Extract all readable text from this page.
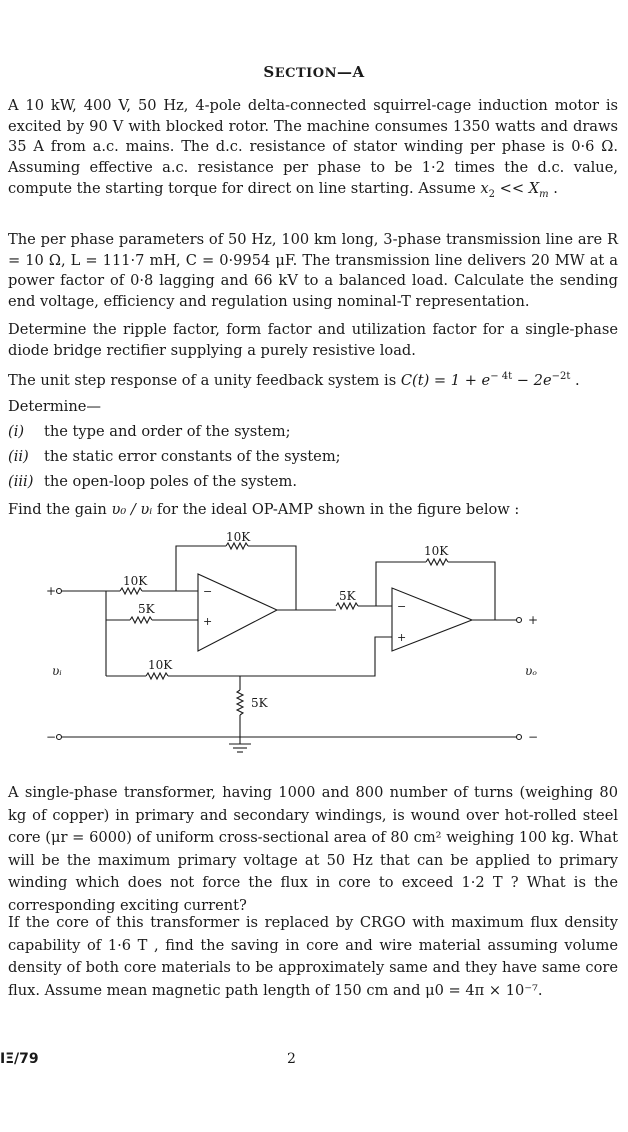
SECTION—A

A 10 kW, 400 V, 50 Hz, 4-pole delta-connected squirrel-cage induction motor is excited by 90 V with blocked rotor. The machine consumes 1350 watts and draws 35 A from a.c. mains. The d.c. resistance of stator winding per phase is 0·6 Ω. Assuming effective a.c. resistance per phase to be 1·2 times the d.c. value, compute the starting torque for direct on line starting. Assume $x_2 << X_m$ .

The per phase parameters of 50 Hz, 100 km long, 3-phase transmission line are R = 10 Ω, L = 111·7 mH, C = 0·9954 μF. The transmission line delivers 20 MW at a power factor of 0·8 lagging and 66 kV to a balanced load. Calculate the sending end voltage, efficiency and regulation using nominal-T representation.

Determine the ripple factor, form factor and utilization factor for a single-phase diode bridge rectifier supplying a purely resistive load.

The unit step response of a unity feedback system is $C(t) = 1 + e^{- 4t} - 2e^{-2t}$ .

Determine—
(i) the type and order of the system;
(ii) the static error constants of the system;
(iii) the open-loop poles of the system.

Find the gain υ₀ / υᵢ for the ideal OP-AMP shown in the figure below :

10K
10K
5K
10K
5K
10K
5K
υᵢ	υₒ
+
−
+
−
−
+
−
+

A single-phase transformer, having 1000 and 800 number of turns (weighing 80 kg of copper) in primary and secondary windings, is wound over hot-rolled steel core (μr = 6000) of uniform cross-sectional area of 80 cm² weighing 100 kg. What will be the maximum primary voltage at 50 Hz that can be applied to primary winding which does not force the flux in core to exceed 1·2 T ? What is the corresponding exciting current?

If the core of this transformer is replaced by CRGO with maximum flux density capability of 1·6 T , find the saving in core and wire material assuming volume density of both core materials to be approximately same and they have same core flux. Assume mean magnetic path length of 150 cm and μ0 = 4π × 10⁻⁷.

ΙΞ/79	2
